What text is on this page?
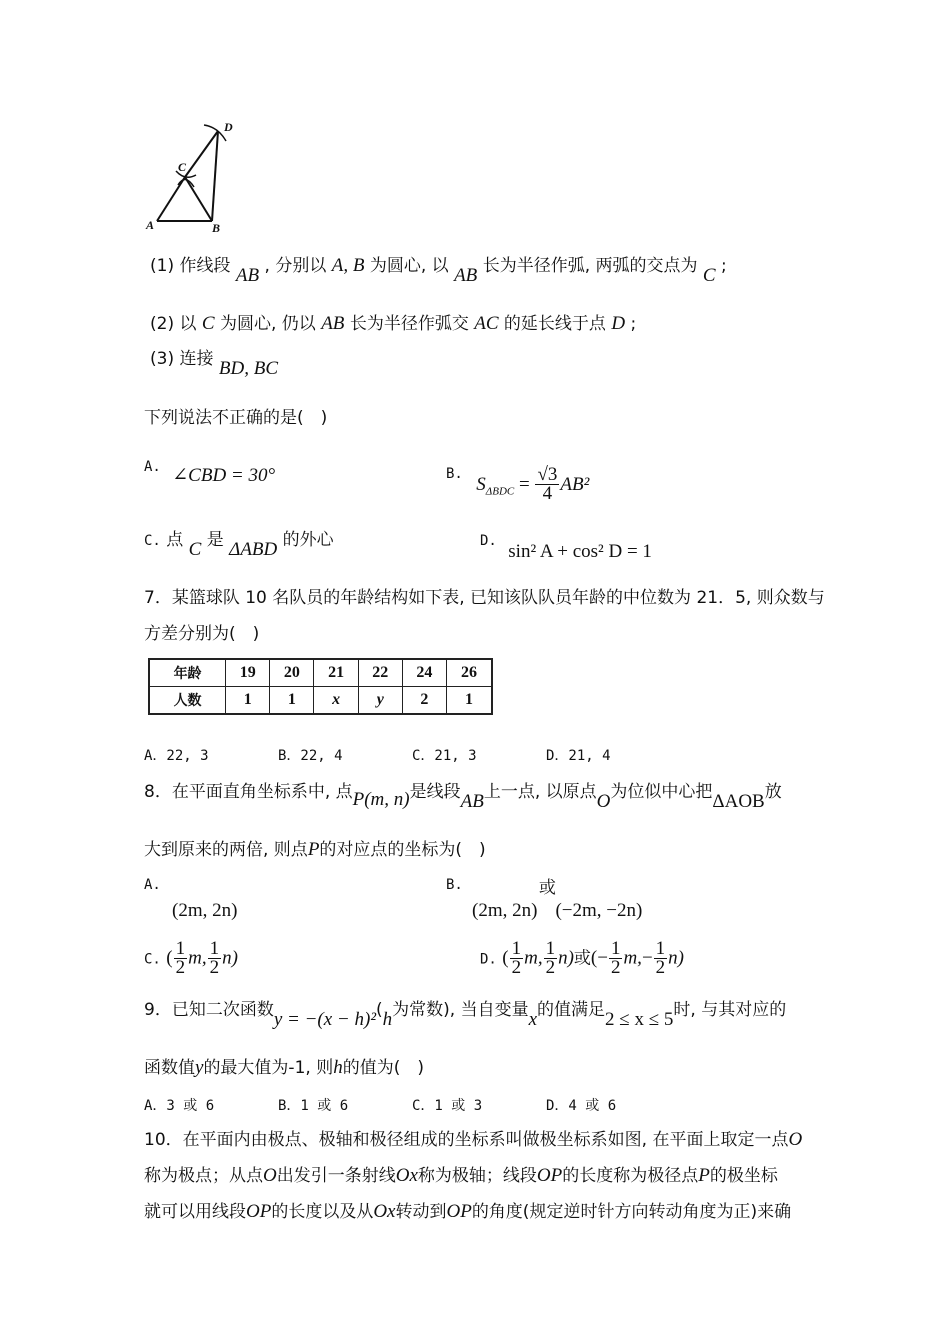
A	B
C
D
(1) 作线段 AB , 分别以 A, B 为圆心, 以 AB 长为半径作弧, 两弧的交点为 C ;
(2) 以 C 为圆心, 仍以 AB 长为半径作弧交 AC 的延长线于点 D ;
(3) 连接 BD, BC
下列说法不正确的是(　)
$^{A.}$ ∠CBD = 30°	$^{B.}$ $S_{\Delta BDC} = \frac{√3}{4} AB^2$
C. 点 C 是 ΔABD 的外心	D. sin² A + cos² D = 1
7．某篮球队 10 名队员的年龄结构如下表, 已知该队队员年龄的中位数为 21．5, 则众数与
方差分别为(　)
年龄	19	20	21	22	24	26
人数	1	1	x	y	2	1
A．22, 3	B．22, 4	C．21, 3	D．21, 4
8．在平面直角坐标系中, 点P(m, n)是线段AB上一点, 以原点O为位似中心把ΔAOB放
大到原来的两倍, 则点P的对应点的坐标为(　)
$^{A.}$
(2m, 2n)
$^{B.}$	或
(2m, 2n) (−2m, −2n)
C. ( $\frac{1}{2} m$, $\frac{1}{2} n$)	D. ( $\frac{1}{2} m$, $\frac{1}{2} n$)或(− $\frac{1}{2} m,- \frac{1}{2} n$)
9．已知二次函数y = −(x − h)²(h为常数), 当自变量x的值满足2 ≤ x ≤ 5时, 与其对应的
函数值y的最大值为-1, 则h的值为(　)
A．3 或 6	B．1 或 6	C．1 或 3	D．4 或 6
10．在平面内由极点、极轴和极径组成的坐标系叫做极坐标系如图, 在平面上取定一点O
称为极点；从点O出发引一条射线Ox称为极轴；线段OP的长度称为极径点P的极坐标
就可以用线段OP的长度以及从Ox转动到OP的角度(规定逆时针方向转动角度为正)来确
